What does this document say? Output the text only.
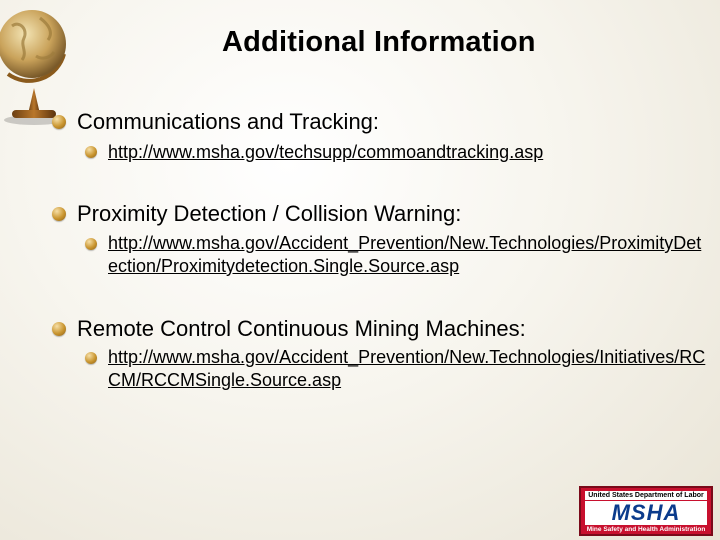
Additional Information
Communications and Tracking:
http://www.msha.gov/techsupp/commoandtracking.asp
Proximity Detection / Collision Warning:
http://www.msha.gov/Accident_Prevention/New.Technologies/ProximityDetection/Proximitydetection.Single.Source.asp
Remote Control Continuous Mining Machines:
http://www.msha.gov/Accident_Prevention/New.Technologies/Initiatives/RCCM/RCCMSingle.Source.asp
United States Department of Labor
MSHA
Mine Safety and Health Administration
